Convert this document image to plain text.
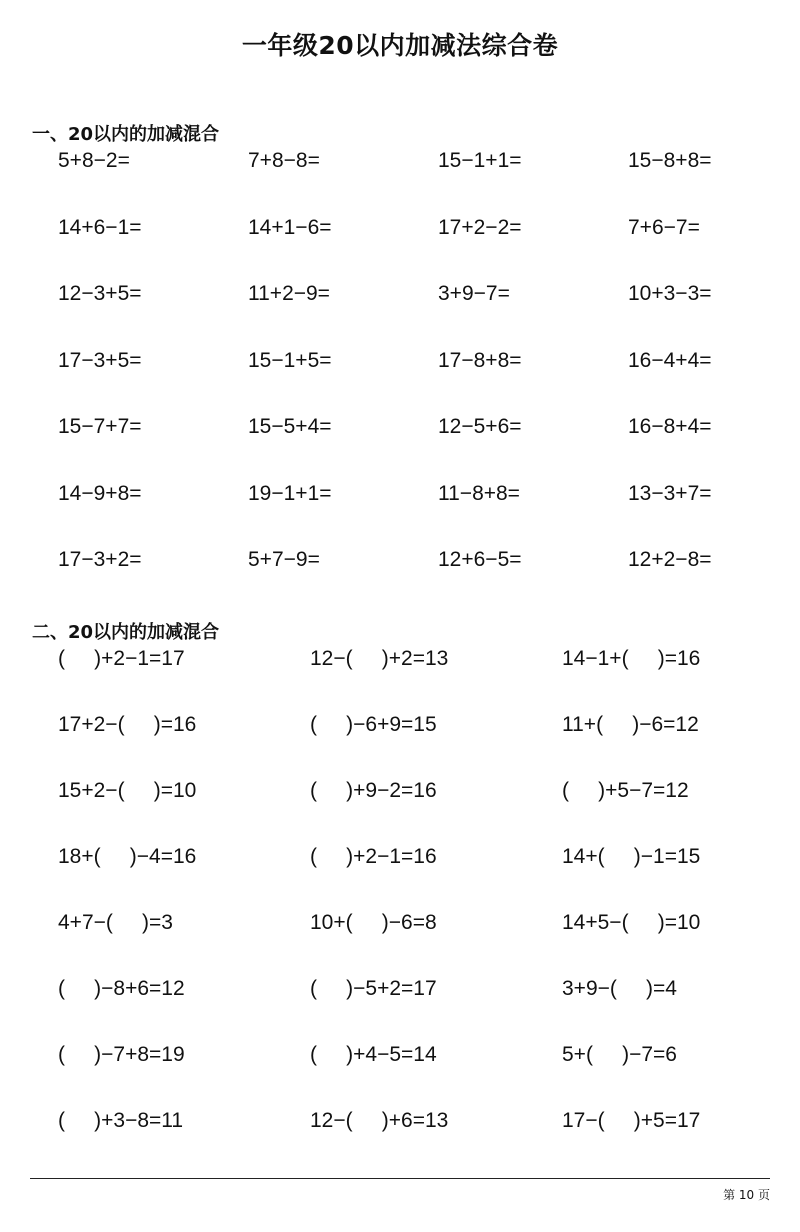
一年级20以内加减法综合卷
一、20以内的加减混合
5+8−2=	7+8−8=	15−1+1=	15−8+8=
14+6−1=	14+1−6=	17+2−2=	7+6−7=
12−3+5=	11+2−9=	3+9−7=	10+3−3=
17−3+5=	15−1+5=	17−8+8=	16−4+4=
15−7+7=	15−5+4=	12−5+6=	16−8+4=
14−9+8=	19−1+1=	11−8+8=	13−3+7=
17−3+2=	5+7−9=	12+6−5=	12+2−8=
二、20以内的加减混合
(     )+2−1=17	12−(     )+2=13	14−1+(     )=16
17+2−(     )=16	(     )−6+9=15	11+(     )−6=12
15+2−(     )=10	(     )+9−2=16	(     )+5−7=12
18+(     )−4=16	(     )+2−1=16	14+(     )−1=15
4+7−(     )=3	10+(     )−6=8	14+5−(     )=10
(     )−8+6=12	(     )−5+2=17	3+9−(     )=4
(     )−7+8=19	(     )+4−5=14	5+(     )−7=6
(     )+3−8=11	12−(     )+6=13	17−(     )+5=17
第 10 页
